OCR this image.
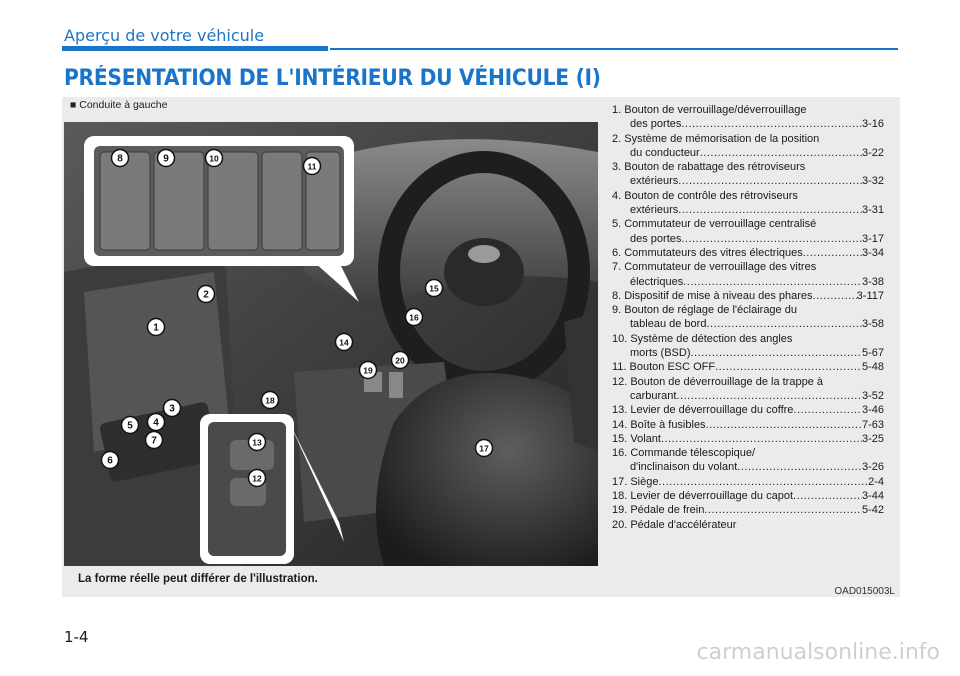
Aperçu de votre véhicule
PRÉSENTATION DE L'INTÉRIEUR DU VÉHICULE (I)
■ Conduite à gauche
1
2
3
4
5
6
7
8	9	10
11
12
13
14
15
16
17
18
19
20
La forme réelle peut différer de l'illustration.
OAD015003L
1. Bouton de verrouillage/déverrouillage
des portes .....	3-16
2. Système de mémorisation de la position
du conducteur .....	3-22
3. Bouton de rabattage des rétroviseurs
extérieurs .....	3-32
4. Bouton de contrôle des rétroviseurs
extérieurs .....	3-31
5. Commutateur de verrouillage centralisé
des portes .....	3-17
6. Commutateurs des vitres électriques .....	3-34
7. Commutateur de verrouillage des vitres
électriques .....	3-38
8. Dispositif de mise à niveau des phares .....	3-117
9. Bouton de réglage de l'éclairage du
tableau de bord .....	3-58
10. Système de détection des angles
morts (BSD) .....	5-67
11. Bouton ESC OFF .....	5-48
12. Bouton de déverrouillage de la trappe à
carburant .....	3-52
13. Levier de déverrouillage du coffre .....	3-46
14. Boîte à fusibles .....	7-63
15. Volant .....	3-25
16. Commande télescopique/
d'inclinaison du volant .....	3-26
17. Siège .....	2-4
18. Levier de déverrouillage du capot .....	3-44
19. Pédale de frein .....	5-42
20. Pédale d'accélérateur
1-4
carmanualsonline.info
